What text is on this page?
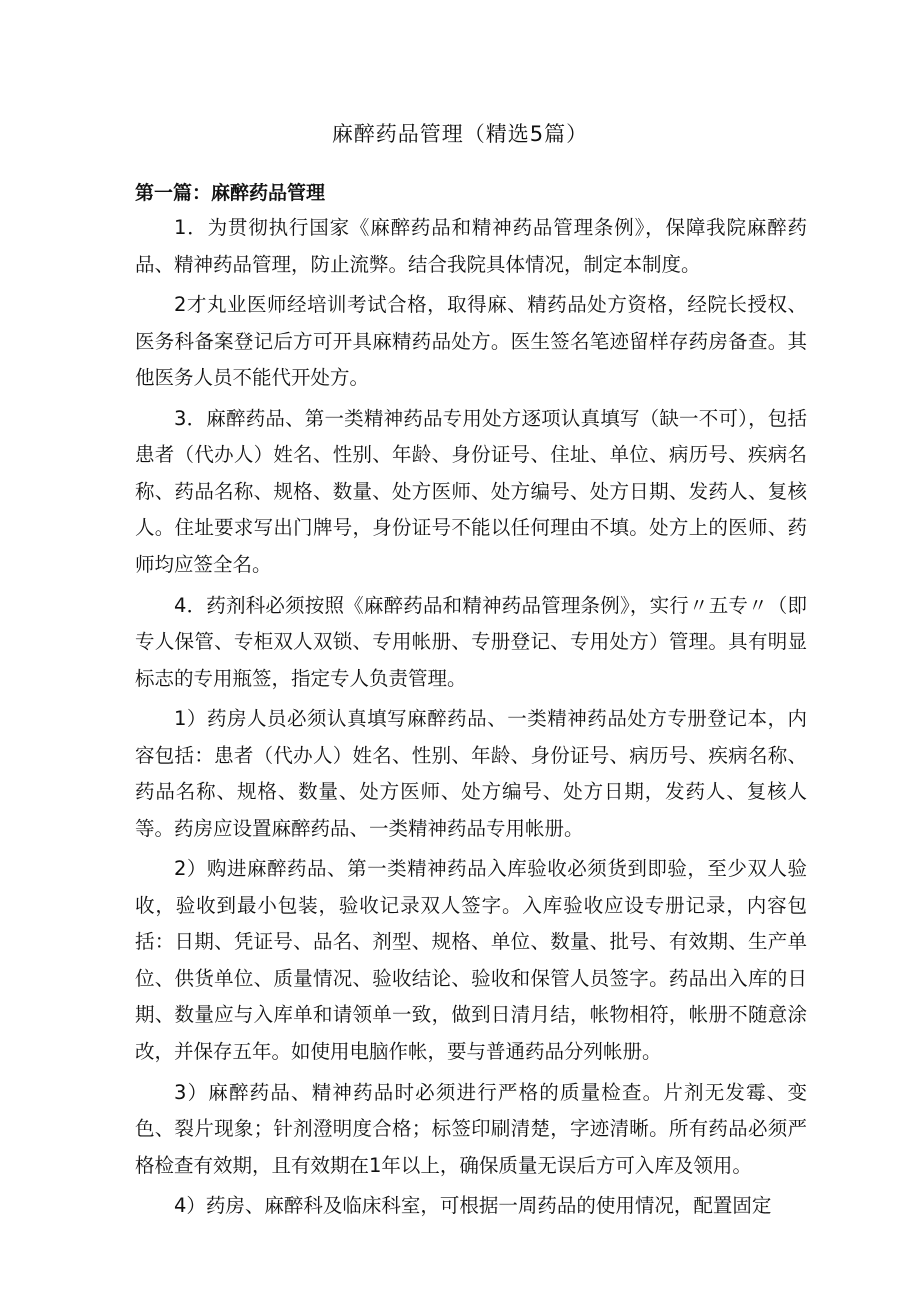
麻醉药品管理（精选5篇）
第一篇：麻醉药品管理

1．为贯彻执行国家《麻醉药品和精神药品管理条例》，保障我院麻醉药品、精神药品管理，防止流弊。结合我院具体情况，制定本制度。

2才丸业医师经培训考试合格，取得麻、精药品处方资格，经院长授权、医务科备案登记后方可开具麻精药品处方。医生签名笔迹留样存药房备查。其他医务人员不能代开处方。

3．麻醉药品、第一类精神药品专用处方逐项认真填写（缺一不可），包括患者（代办人）姓名、性别、年龄、身份证号、住址、单位、病历号、疾病名称、药品名称、规格、数量、处方医师、处方编号、处方日期、发药人、复核人。住址要求写出门牌号，身份证号不能以任何理由不填。处方上的医师、药师均应签全名。

4．药剂科必须按照《麻醉药品和精神药品管理条例》，实行〃五专〃（即专人保管、专柜双人双锁、专用帐册、专册登记、专用处方）管理。具有明显标志的专用瓶签，指定专人负责管理。

1）药房人员必须认真填写麻醉药品、一类精神药品处方专册登记本，内容包括：患者（代办人）姓名、性别、年龄、身份证号、病历号、疾病名称、药品名称、规格、数量、处方医师、处方编号、处方日期，发药人、复核人等。药房应设置麻醉药品、一类精神药品专用帐册。

2）购进麻醉药品、第一类精神药品入库验收必须货到即验，至少双人验收，验收到最小包装，验收记录双人签字。入库验收应设专册记录，内容包括：日期、凭证号、品名、剂型、规格、单位、数量、批号、有效期、生产单位、供货单位、质量情况、验收结论、验收和保管人员签字。药品出入库的日期、数量应与入库单和请领单一致，做到日清月结，帐物相符，帐册不随意涂改，并保存五年。如使用电脑作帐，要与普通药品分列帐册。

3）麻醉药品、精神药品时必须进行严格的质量检查。片剂无发霉、变色、裂片现象；针剂澄明度合格；标签印刷清楚，字迹清晰。所有药品必须严格检查有效期，且有效期在1年以上，确保质量无误后方可入库及领用。

4）药房、麻醉科及临床科室，可根据一周药品的使用情况，配置固定
